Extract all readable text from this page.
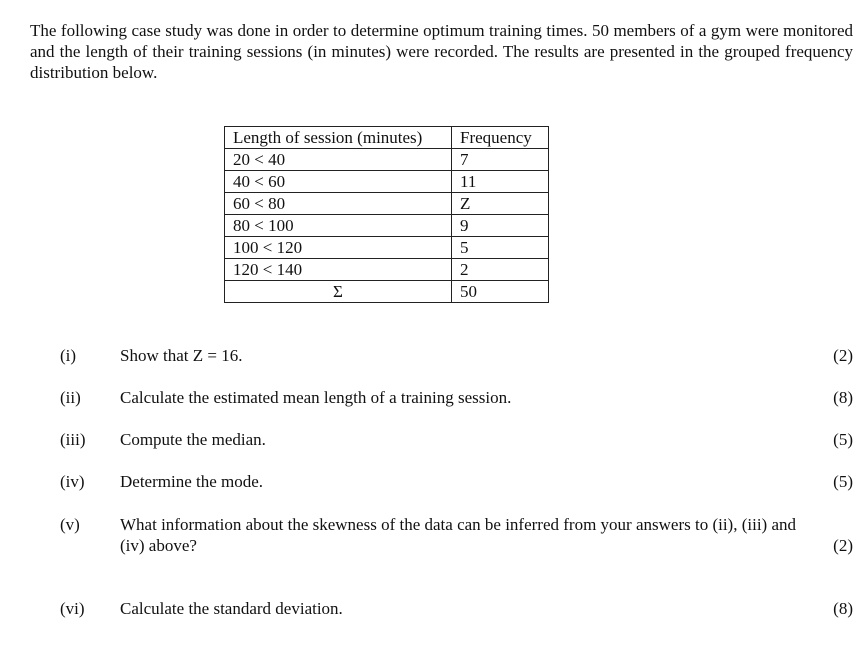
The following case study was done in order to determine optimum training times. 50 members of a gym were monitored and the length of their training sessions (in minutes) were recorded. The results are presented in the grouped frequency distribution below.

Length of session (minutes)	Frequency
20 < 40	7
40 < 60	11
60 < 80	Z
80 < 100	9
100 < 120	5
120 < 140	2
Σ	50
(i)	Show that Z = 16.	(2)
(ii) Calculate the estimated mean length of a training session.	(8)
(iii) Compute the median.	(5)
(iv) Determine the mode.	(5)
(v) What information about the skewness of the data can be inferred from your answers to (ii), (iii) and
(iv) above?	(2)
(vi) Calculate the standard deviation.	(8)
